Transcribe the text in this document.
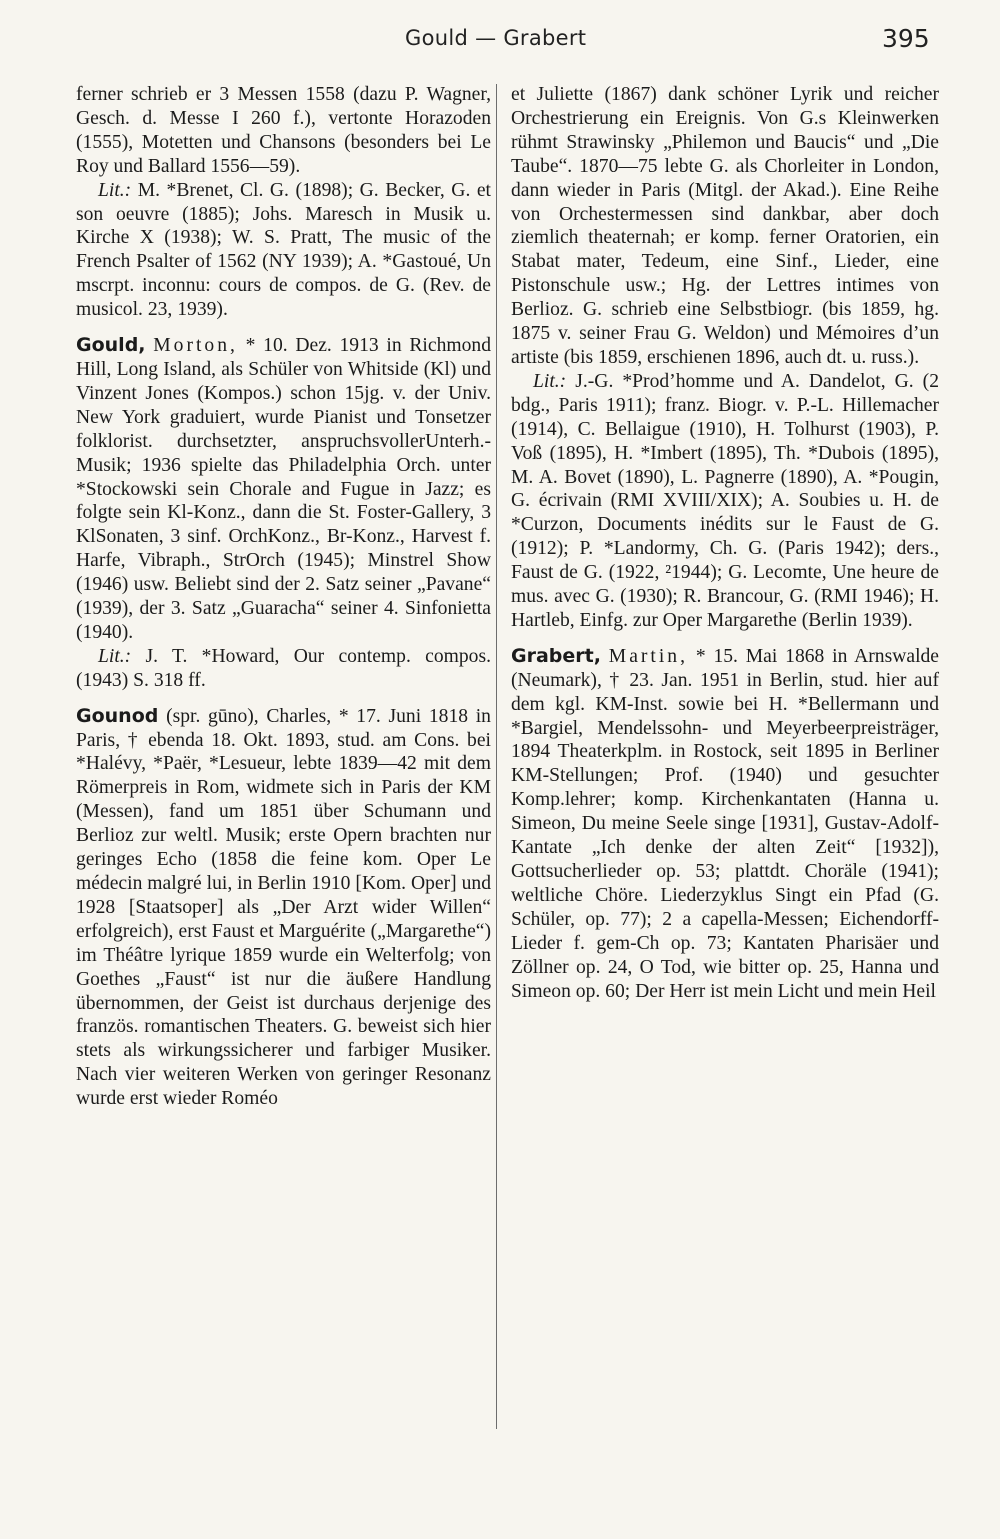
Gould — Grabert	395

ferner schrieb er 3 Messen 1558 (dazu P. Wagner, Gesch. d. Messe I 260 f.), vertonte Horazoden (1555), Motetten und Chansons (besonders bei Le Roy und Ballard 1556—59).

Lit.: M. *Brenet, Cl. G. (1898); G. Becker, G. et son oeuvre (1885); Johs. Maresch in Musik u. Kirche X (1938); W. S. Pratt, The music of the French Psalter of 1562 (NY 1939); A. *Gastoué, Un mscrpt. inconnu: cours de compos. de G. (Rev. de musicol. 23, 1939).

Gould, Morton, * 10. Dez. 1913 in Richmond Hill, Long Island, als Schüler von Whitside (Kl) und Vinzent Jones (Kompos.) schon 15jg. v. der Univ. New York graduiert, wurde Pianist und Tonsetzer folklorist. durchsetzter, anspruchsvollerUnterh.-Musik; 1936 spielte das Philadelphia Orch. unter *Stockowski sein Chorale and Fugue in Jazz; es folgte sein Kl-Konz., dann die St. Foster-Gallery, 3 KlSonaten, 3 sinf. OrchKonz., Br-Konz., Harvest f. Harfe, Vibraph., StrOrch (1945); Minstrel Show (1946) usw. Beliebt sind der 2. Satz seiner „Pavane“ (1939), der 3. Satz „Guaracha“ seiner 4. Sinfonietta (1940).

Lit.: J. T. *Howard, Our contemp. compos. (1943) S. 318 ff.

Gounod (spr. gūno), Charles, * 17. Juni 1818 in Paris, † ebenda 18. Okt. 1893, stud. am Cons. bei *Halévy, *Paër, *Lesueur, lebte 1839—42 mit dem Römerpreis in Rom, widmete sich in Paris der KM (Messen), fand um 1851 über Schumann und Berlioz zur weltl. Musik; erste Opern brachten nur geringes Echo (1858 die feine kom. Oper Le médecin malgré lui, in Berlin 1910 [Kom. Oper] und 1928 [Staatsoper] als „Der Arzt wider Willen“ erfolgreich), erst Faust et Marguérite („Margarethe“) im Théâtre lyrique 1859 wurde ein Welterfolg; von Goethes „Faust“ ist nur die äußere Handlung übernommen, der Geist ist durchaus derjenige des französ. romantischen Theaters. G. beweist sich hier stets als wirkungssicherer und farbiger Musiker. Nach vier weiteren Werken von geringer Resonanz wurde erst wieder Roméo

et Juliette (1867) dank schöner Lyrik und reicher Orchestrierung ein Ereignis. Von G.s Kleinwerken rühmt Strawinsky „Philemon und Baucis“ und „Die Taube“. 1870—75 lebte G. als Chorleiter in London, dann wieder in Paris (Mitgl. der Akad.). Eine Reihe von Orchestermessen sind dankbar, aber doch ziemlich theaternah; er komp. ferner Oratorien, ein Stabat mater, Tedeum, eine Sinf., Lieder, eine Pistonschule usw.; Hg. der Lettres intimes von Berlioz. G. schrieb eine Selbstbiogr. (bis 1859, hg. 1875 v. seiner Frau G. Weldon) und Mémoires d’un artiste (bis 1859, erschienen 1896, auch dt. u. russ.).

Lit.: J.-G. *Prod’homme und A. Dandelot, G. (2 bdg., Paris 1911); franz. Biogr. v. P.-L. Hillemacher (1914), C. Bellaigue (1910), H. Tolhurst (1903), P. Voß (1895), H. *Imbert (1895), Th. *Dubois (1895), M. A. Bovet (1890), L. Pagnerre (1890), A. *Pougin, G. écrivain (RMI XVIII/XIX); A. Soubies u. H. de *Curzon, Documents inédits sur le Faust de G. (1912); P. *Landormy, Ch. G. (Paris 1942); ders., Faust de G. (1922, ²1944); G. Lecomte, Une heure de mus. avec G. (1930); R. Brancour, G. (RMI 1946); H. Hartleb, Einfg. zur Oper Margarethe (Berlin 1939).

Grabert, Martin, * 15. Mai 1868 in Arnswalde (Neumark), † 23. Jan. 1951 in Berlin, stud. hier auf dem kgl. KM-Inst. sowie bei H. *Bellermann und *Bargiel, Mendelssohn- und Meyerbeerpreisträger, 1894 Theaterkplm. in Rostock, seit 1895 in Berliner KM-Stellungen; Prof. (1940) und gesuchter Komp.lehrer; komp. Kirchenkantaten (Hanna u. Simeon, Du meine Seele singe [1931], Gustav-Adolf-Kantate „Ich denke der alten Zeit“ [1932]), Gottsucherlieder op. 53; plattdt. Choräle (1941); weltliche Chöre. Liederzyklus Singt ein Pfad (G. Schüler, op. 77); 2 a capella-Messen; Eichendorff-Lieder f. gem-Ch op. 73; Kantaten Pharisäer und Zöllner op. 24, O Tod, wie bitter op. 25, Hanna und Simeon op. 60; Der Herr ist mein Licht und mein Heil
